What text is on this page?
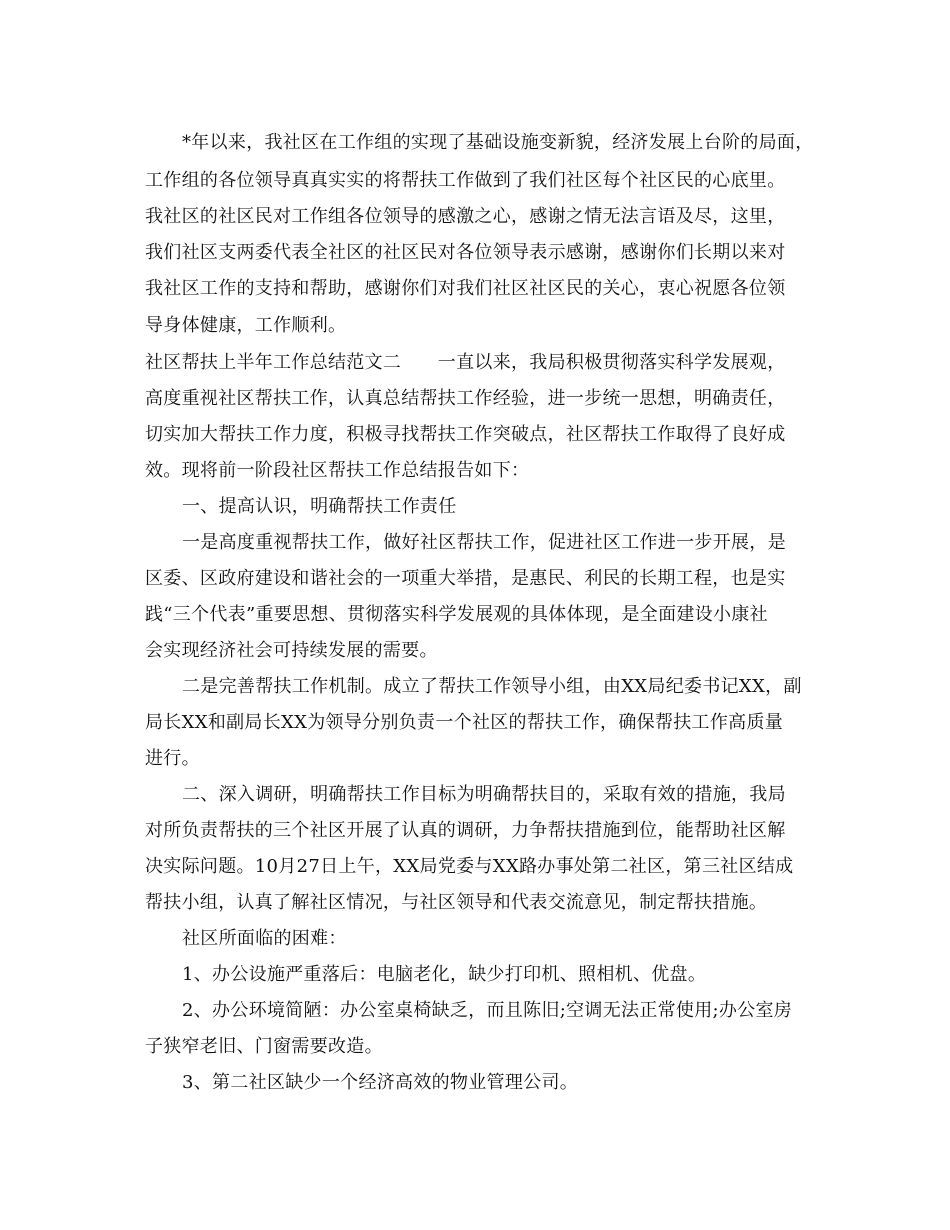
*年以来，我社区在工作组的实现了基础设施变新貌，经济发展上台阶的局面，
工作组的各位领导真真实实的将帮扶工作做到了我们社区每个社区民的心底里。
我社区的社区民对工作组各位领导的感激之心，感谢之情无法言语及尽，这里，
我们社区支两委代表全社区的社区民对各位领导表示感谢，感谢你们长期以来对
我社区工作的支持和帮助，感谢你们对我们社区社区民的关心，衷心祝愿各位领
导身体健康，工作顺利。
社区帮扶上半年工作总结范文二　　一直以来，我局积极贯彻落实科学发展观，
高度重视社区帮扶工作，认真总结帮扶工作经验，进一步统一思想，明确责任，
切实加大帮扶工作力度，积极寻找帮扶工作突破点，社区帮扶工作取得了良好成
效。现将前一阶段社区帮扶工作总结报告如下：
一、提高认识，明确帮扶工作责任
一是高度重视帮扶工作，做好社区帮扶工作，促进社区工作进一步开展，是
区委、区政府建设和谐社会的一项重大举措，是惠民、利民的长期工程，也是实
践“三个代表”重要思想、贯彻落实科学发展观的具体体现，是全面建设小康社
会实现经济社会可持续发展的需要。
二是完善帮扶工作机制。成立了帮扶工作领导小组，由XX局纪委书记XX，副
局长XX和副局长XX为领导分别负责一个社区的帮扶工作，确保帮扶工作高质量
进行。
二、深入调研，明确帮扶工作目标为明确帮扶目的，采取有效的措施，我局
对所负责帮扶的三个社区开展了认真的调研，力争帮扶措施到位，能帮助社区解
决实际问题。10月27日上午，XX局党委与XX路办事处第二社区，第三社区结成
帮扶小组，认真了解社区情况，与社区领导和代表交流意见，制定帮扶措施。
社区所面临的困难：
1、办公设施严重落后：电脑老化，缺少打印机、照相机、优盘。
2、办公环境简陋：办公室桌椅缺乏，而且陈旧;空调无法正常使用;办公室房
子狭窄老旧、门窗需要改造。
3、第二社区缺少一个经济高效的物业管理公司。
